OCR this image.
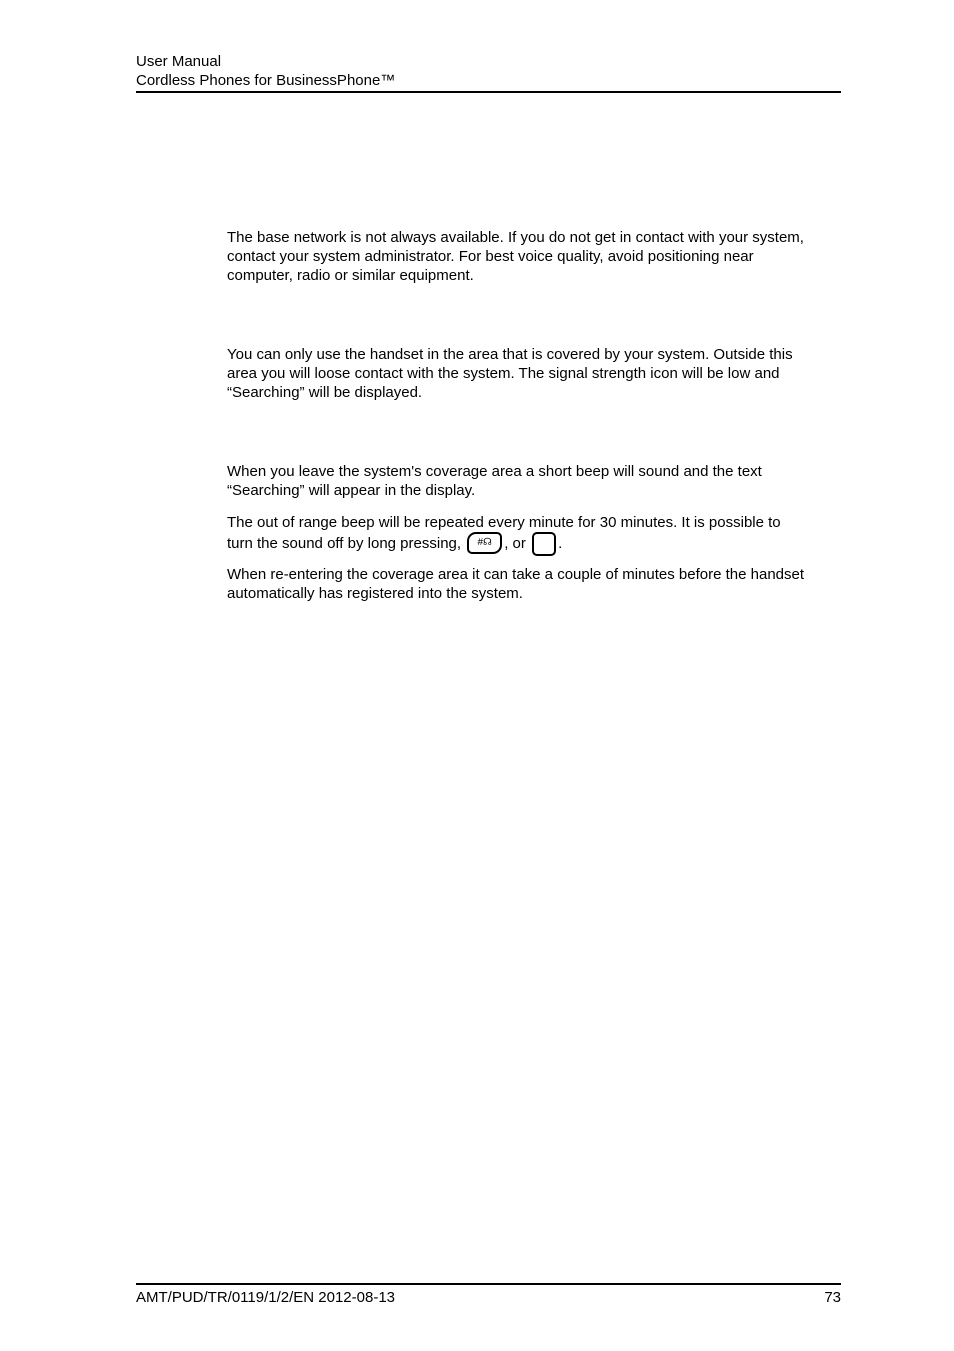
User Manual
Cordless Phones for BusinessPhone™

The base network is not always available. If you do not get in contact with your system,
contact your system administrator. For best voice quality, avoid positioning near
computer, radio or similar equipment.

You can only use the handset in the area that is covered by your system. Outside this
area you will loose contact with the system. The signal strength icon will be low and
“Searching” will be displayed.

When you leave the system's coverage area a short beep will sound and the text
“Searching” will appear in the display.

The out of range beep will be repeated every minute for 30 minutes. It is possible to
turn the sound off by long pressing,	#☊ , or .

When re-entering the coverage area it can take a couple of minutes before the handset
automatically has registered into the system.

AMT/PUD/TR/0119/1/2/EN 2012-08-13	73
